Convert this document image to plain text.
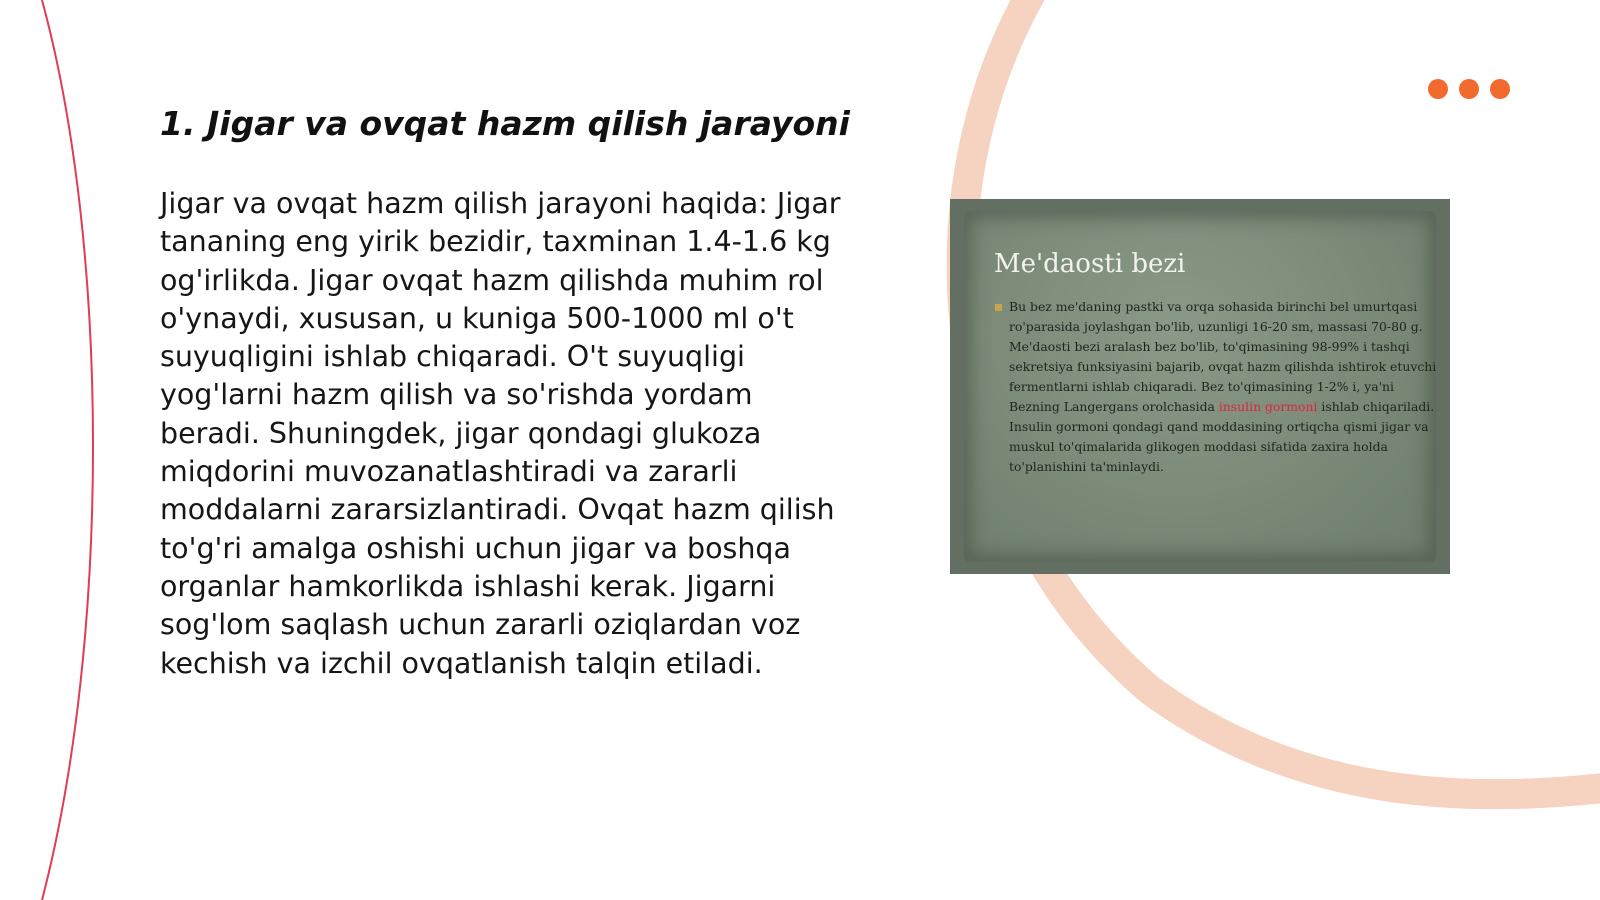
1. Jigar va ovqat hazm qilish jarayoni
Jigar va ovqat hazm qilish jarayoni haqida: Jigar tananing eng yirik bezidir, taxminan 1.4-1.6 kg og'irlikda. Jigar ovqat hazm qilishda muhim rol o'ynaydi, xususan, u kuniga 500-1000 ml o't suyuqligini ishlab chiqaradi. O't suyuqligi yog'larni hazm qilish va so'rishda yordam beradi. Shuningdek, jigar qondagi glukoza miqdorini muvozanatlashtiradi va zararli moddalarni zararsizlantiradi. Ovqat hazm qilish to'g'ri amalga oshishi uchun jigar va boshqa organlar hamkorlikda ishlashi kerak. Jigarni sog'lom saqlash uchun zararli oziqlardan voz kechish va izchil ovqatlanish talqin etiladi.
Me'daosti bezi
Bu bez me'daning pastki va orqa sohasida birinchi bel umurtqasi ro'parasida joylashgan bo'lib, uzunligi 16-20 sm, massasi 70-80 g. Me'daosti bezi aralash bez bo'lib, to'qimasining 98-99% i tashqi sekretsiya funksiyasini bajarib, ovqat hazm qilishda ishtirok etuvchi fermentlarni ishlab chiqaradi. Bez to'qimasining 1-2% i, ya'ni Bezning Langergans orolchasida insulin gormoni ishlab chiqariladi. Insulin gormoni qondagi qand moddasining ortiqcha qismi jigar va muskul to'qimalarida glikogen moddasi sifatida zaxira holda to'planishini ta'minlaydi.
